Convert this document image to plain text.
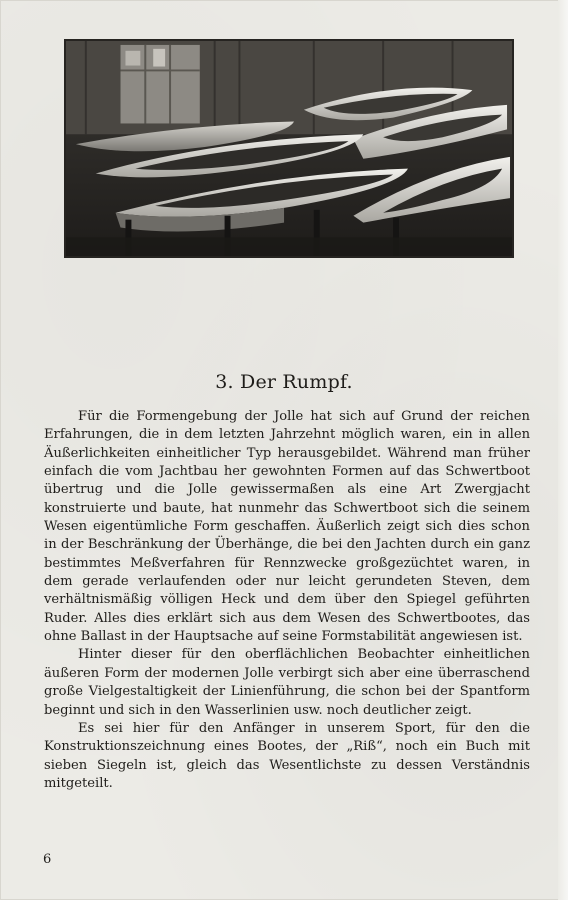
3. Der Rumpf.

Für die Formengebung der Jolle hat sich auf Grund der reichen Erfahrungen, die in dem letzten Jahrzehnt möglich waren, ein in allen Äußerlichkeiten einheitlicher Typ herausgebildet. Während man früher einfach die vom Jachtbau her gewohnten Formen auf das Schwertboot übertrug und die Jolle gewissermaßen als eine Art Zwergjacht konstruierte und baute, hat nunmehr das Schwertboot sich die seinem Wesen eigentümliche Form geschaffen. Äußerlich zeigt sich dies schon in der Beschränkung der Überhänge, die bei den Jachten durch ein ganz bestimmtes Meßverfahren für Rennzwecke großgezüchtet waren, in dem gerade verlaufenden oder nur leicht gerundeten Steven, dem verhältnismäßig völligen Heck und dem über den Spiegel geführten Ruder. Alles dies erklärt sich aus dem Wesen des Schwertbootes, das ohne Ballast in der Hauptsache auf seine Formstabilität angewiesen ist.

Hinter dieser für den oberflächlichen Beobachter einheitlichen äußeren Form der modernen Jolle verbirgt sich aber eine überraschend große Vielgestaltigkeit der Linienführung, die schon bei der Spantform beginnt und sich in den Wasserlinien usw. noch deutlicher zeigt.

Es sei hier für den Anfänger in unserem Sport, für den die Konstruktionszeichnung eines Bootes, der „Riß“, noch ein Buch mit sieben Siegeln ist, gleich das Wesentlichste zu dessen Verständnis mitgeteilt.

6
